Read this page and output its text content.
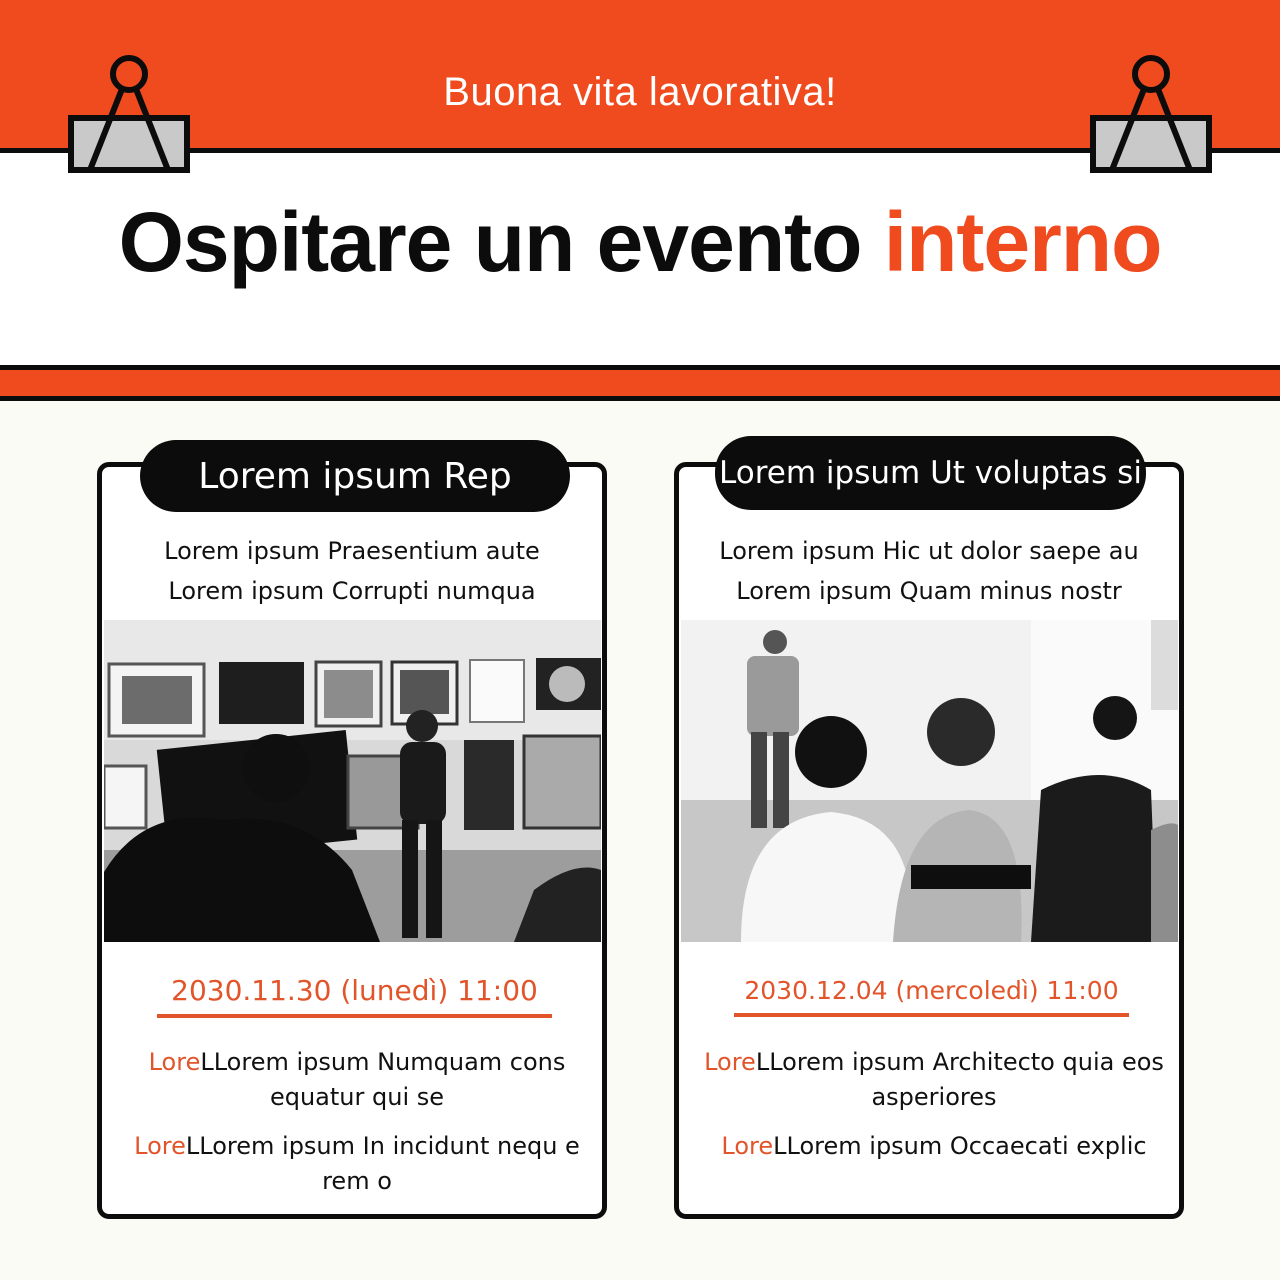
Buona vita lavorativa!
Ospitare un evento interno
Lorem ipsum Rep
Lorem ipsum Praesentium aute
Lorem ipsum Corrupti numqua
2030.11.30 (lunedì) 11:00
LoreLLorem ipsum Numquam cons equatur qui se
LoreLLorem ipsum In incidunt nequ e rem o
Lorem ipsum Ut voluptas si
Lorem ipsum Hic ut dolor saepe au
Lorem ipsum Quam minus nostr
2030.12.04 (mercoledì) 11:00
LoreLLorem ipsum Architecto quia eos asperiores
LoreLLorem ipsum Occaecati explic
